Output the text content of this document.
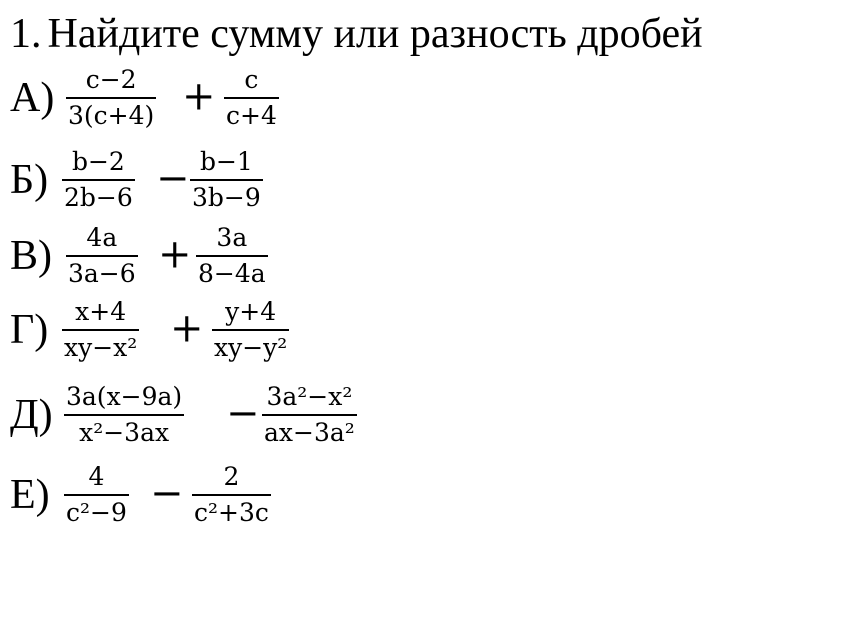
1. Найдите сумму или разность дробей
А) c−2
3(c+4) + c
c+4
Б) b−2
2b−6 − b−1
3b−9
В) 4a
3a−6 + 3a
8−4a
Г) x+4
xy−x² + y+4
xy−y²
Д) 3a(x−9a)
x²−3ax − 3a²−x²
ax−3a²
Е) 4
c²−9 − 2
c²+3c
